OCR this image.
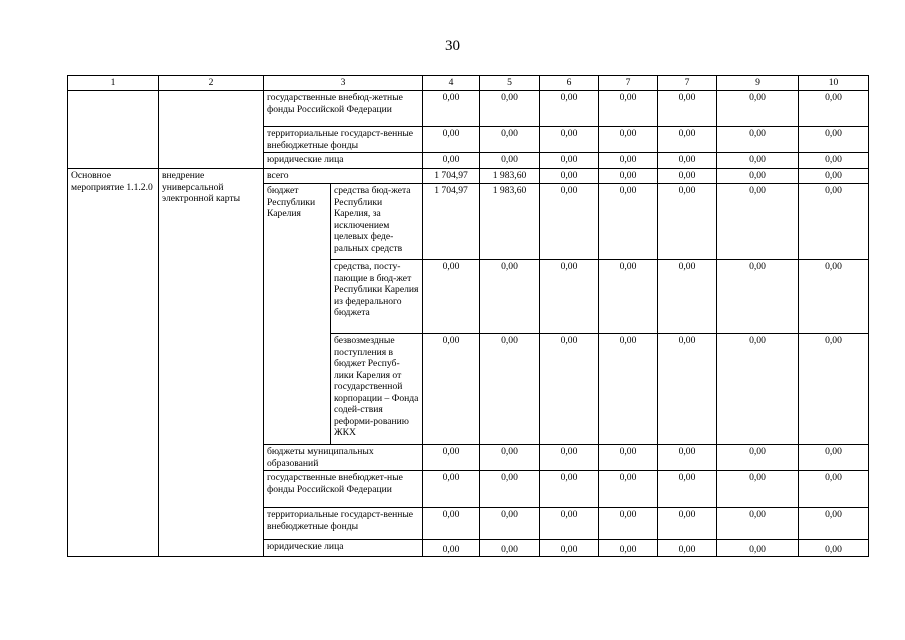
30
1	2	3		4	5	6	7	7	9	10
		государственные внебюд-жетные фонды Российской Федерации		0,00	0,00	0,00	0,00	0,00	0,00	0,00
		территориальные государст-венные внебюджетные фонды		0,00	0,00	0,00	0,00	0,00	0,00	0,00
		юридические лица		0,00	0,00	0,00	0,00	0,00	0,00	0,00
Основное мероприятие 1.1.2.0	внедрение универсальной электронной карты	всего		1 704,97	1 983,60	0,00	0,00	0,00	0,00	0,00
		бюджет Республики Карелия	средства бюд-жета Республики Карелия, за исключением целевых феде-ральных средств	1 704,97	1 983,60	0,00	0,00	0,00	0,00	0,00
			средства, посту-пающие в бюд-жет Республики Карелия из федерального бюджета	0,00	0,00	0,00	0,00	0,00	0,00	0,00
			безвозмездные поступления в бюджет Респуб-лики Карелия от государственной корпорации – Фонда содей-ствия реформи-рованию ЖКХ	0,00	0,00	0,00	0,00	0,00	0,00	0,00
		бюджеты муниципальных образований		0,00	0,00	0,00	0,00	0,00	0,00	0,00
		государственные внебюджет-ные фонды Российской Федерации		0,00	0,00	0,00	0,00	0,00	0,00	0,00
		территориальные государст-венные внебюджетные фонды		0,00	0,00	0,00	0,00	0,00	0,00	0,00
		юридические лица		0,00	0,00	0,00	0,00	0,00	0,00	0,00
